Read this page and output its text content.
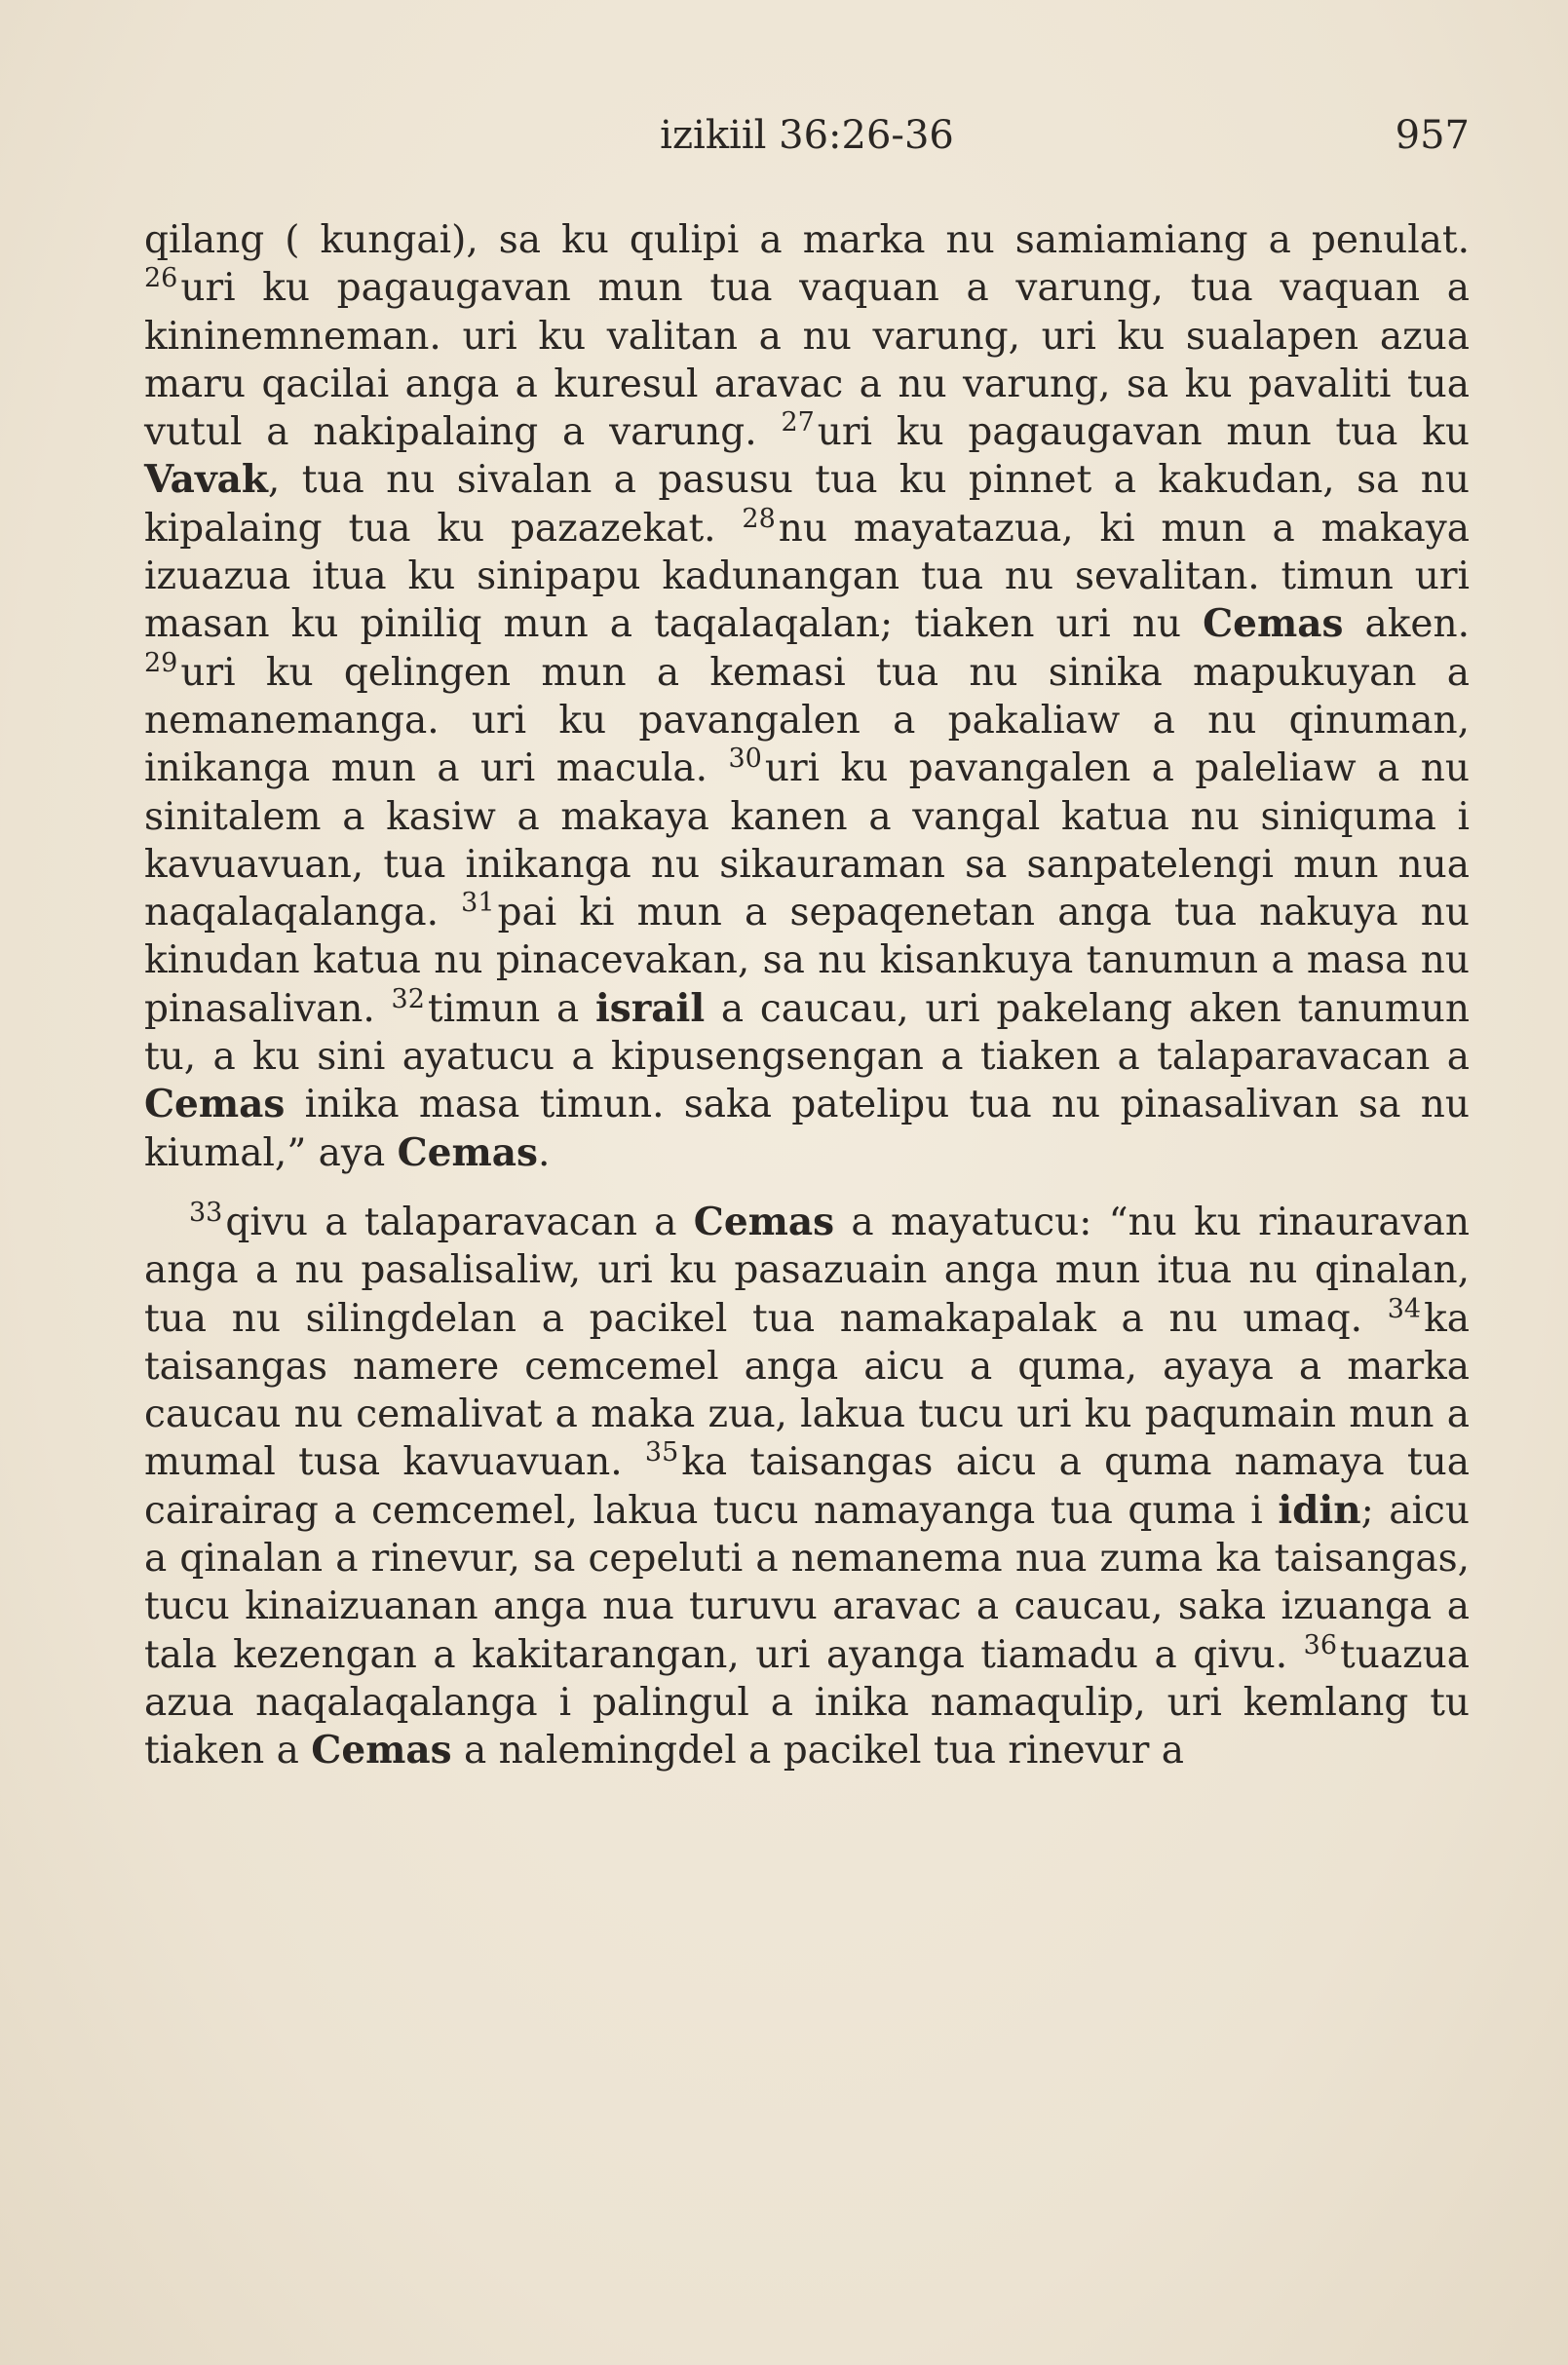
izikiil 36:26-36	957

qilang ( kungai), sa ku qulipi a marka nu samiamiang a penulat. $^{26}$uri ku pagaugavan mun tua vaquan a varung, tua vaquan a kininemneman. uri ku valitan a nu varung, uri ku sualapen azua maru qacilai anga a kuresul aravac a nu varung, sa ku pavaliti tua vutul a nakipalaing a varung. $^{27}$uri ku pagaugavan mun tua ku Vavak, tua nu sivalan a pasusu tua ku pinnet a kakudan, sa nu kipalaing tua ku pazazekat. $^{28}$nu mayatazua, ki mun a makaya izuazua itua ku sinipapu kadunangan tua nu sevalitan. timun uri masan ku piniliq mun a taqalaqalan; tiaken uri nu Cemas aken. $^{29}$uri ku qelingen mun a kemasi tua nu sinika mapukuyan a nemanemanga. uri ku pavangalen a pakaliaw a nu qinuman, inikanga mun a uri macula. $^{30}$uri ku pavangalen a paleliaw a nu sinitalem a kasiw a makaya kanen a vangal katua nu siniquma i kavuavuan, tua inikanga nu sikauraman sa sanpatelengi mun nua naqalaqalanga. $^{31}$pai ki mun a sepaqenetan anga tua nakuya nu kinudan katua nu pinacevakan, sa nu kisankuya tanumun a masa nu pinasalivan. $^{32}$timun a israil a caucau, uri pakelang aken tanumun tu, a ku sini ayatucu a kipusengsengan a tiaken a talaparavacan a Cemas inika masa timun. saka patelipu tua nu pinasalivan sa nu kiumal,” aya Cemas.

$^{33}$qivu a talaparavacan a Cemas a mayatucu: “nu ku rinauravan anga a nu pasalisaliw, uri ku pasazuain anga mun itua nu qinalan, tua nu silingdelan a pacikel tua namakapalak a nu umaq. $^{34}$ka taisangas namere cemcemel anga aicu a quma, ayaya a marka caucau nu cemalivat a maka zua, lakua tucu uri ku paqumain mun a mumal tusa kavuavuan. $^{35}$ka taisangas aicu a quma namaya tua cairairag a cemcemel, lakua tucu namayanga tua quma i idin; aicu a qinalan a rinevur, sa cepeluti a nemanema nua zuma ka taisangas, tucu kinaizuanan anga nua turuvu aravac a caucau, saka izuanga a tala kezengan a kakitarangan, uri ayanga tiamadu a qivu. $^{36}$tuazua azua naqalaqalanga i palingul a inika namaqulip, uri kemlang tu tiaken a Cemas a nalemingdel a pacikel tua rinevur a
